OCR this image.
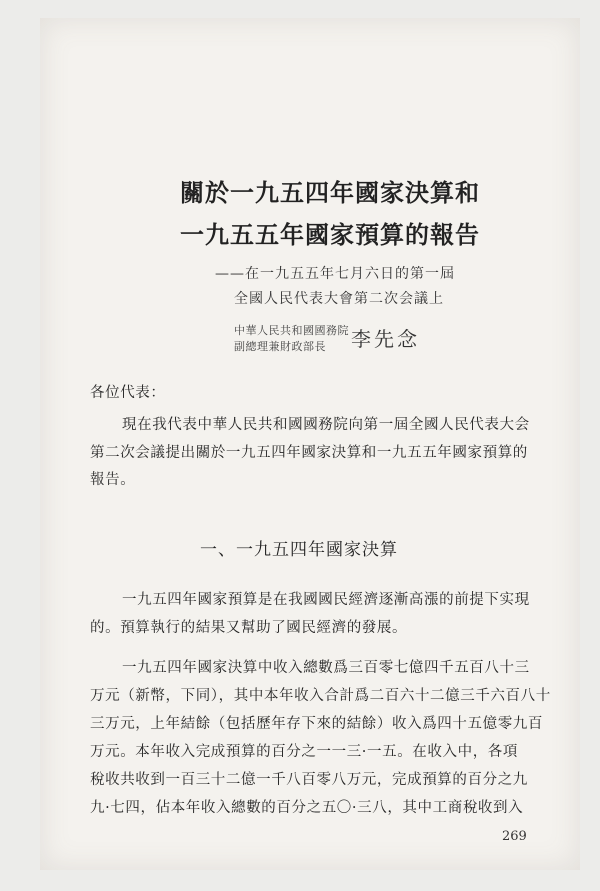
關於一九五四年國家決算和
一九五五年國家預算的報告
——在一九五五年七月六日的第一屆
全國人民代表大會第二次会議上
中華人民共和國國務院
副總理兼財政部長 李先念
各位代表：
現在我代表中華人民共和國國務院向第一屆全國人民代表大会
第二次会議提出關於一九五四年國家決算和一九五五年國家預算的
報告。
一、一九五四年國家決算
一九五四年國家預算是在我國國民經濟逐漸高漲的前提下实現
的。預算執行的結果又幫助了國民經濟的發展。
一九五四年國家決算中收入總數爲三百零七億四千五百八十三
万元（新幣，下同），其中本年收入合計爲二百六十二億三千六百八十
三万元，上年結餘（包括歷年存下來的結餘）收入爲四十五億零九百
万元。本年收入完成預算的百分之一一三·一五。在收入中，各項
稅收共收到一百三十二億一千八百零八万元，完成預算的百分之九
九·七四，佔本年收入總數的百分之五〇·三八，其中工商稅收到入
269
